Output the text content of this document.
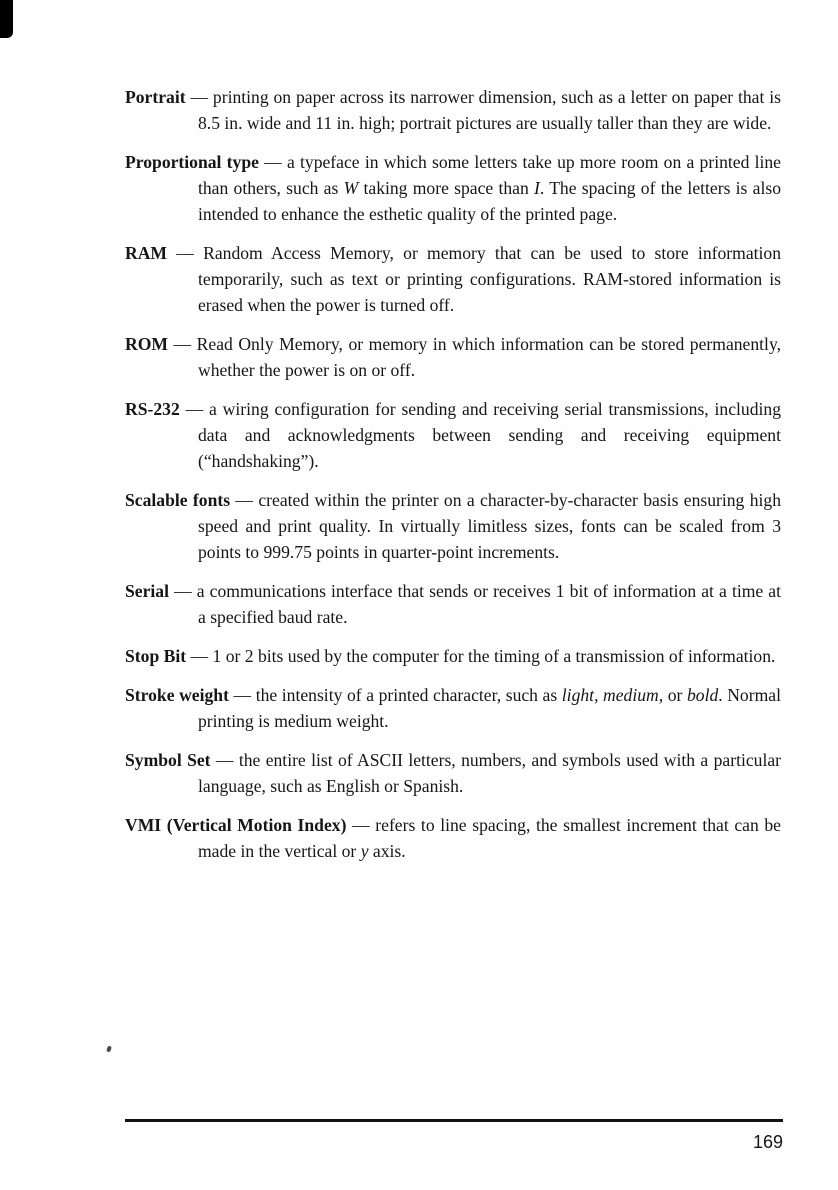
Portrait — printing on paper across its narrower dimension, such as a letter on paper that is 8.5 in. wide and 11 in. high; portrait pictures are usually taller than they are wide.

Proportional type — a typeface in which some letters take up more room on a printed line than others, such as W taking more space than I. The spacing of the letters is also intended to enhance the esthetic quality of the printed page.

RAM — Random Access Memory, or memory that can be used to store information temporarily, such as text or printing configurations. RAM-stored information is erased when the power is turned off.

ROM — Read Only Memory, or memory in which information can be stored permanently, whether the power is on or off.

RS-232 — a wiring configuration for sending and receiving serial transmissions, including data and acknowledgments between sending and receiving equipment (“handshaking”).

Scalable fonts — created within the printer on a character-by-character basis ensuring high speed and print quality. In virtually limitless sizes, fonts can be scaled from 3 points to 999.75 points in quarter-point increments.

Serial — a communications interface that sends or receives 1 bit of information at a time at a specified baud rate.

Stop Bit — 1 or 2 bits used by the computer for the timing of a transmission of information.

Stroke weight — the intensity of a printed character, such as light, medium, or bold. Normal printing is medium weight.

Symbol Set — the entire list of ASCII letters, numbers, and symbols used with a particular language, such as English or Spanish.

VMI (Vertical Motion Index) — refers to line spacing, the smallest increment that can be made in the vertical or y axis.

169
